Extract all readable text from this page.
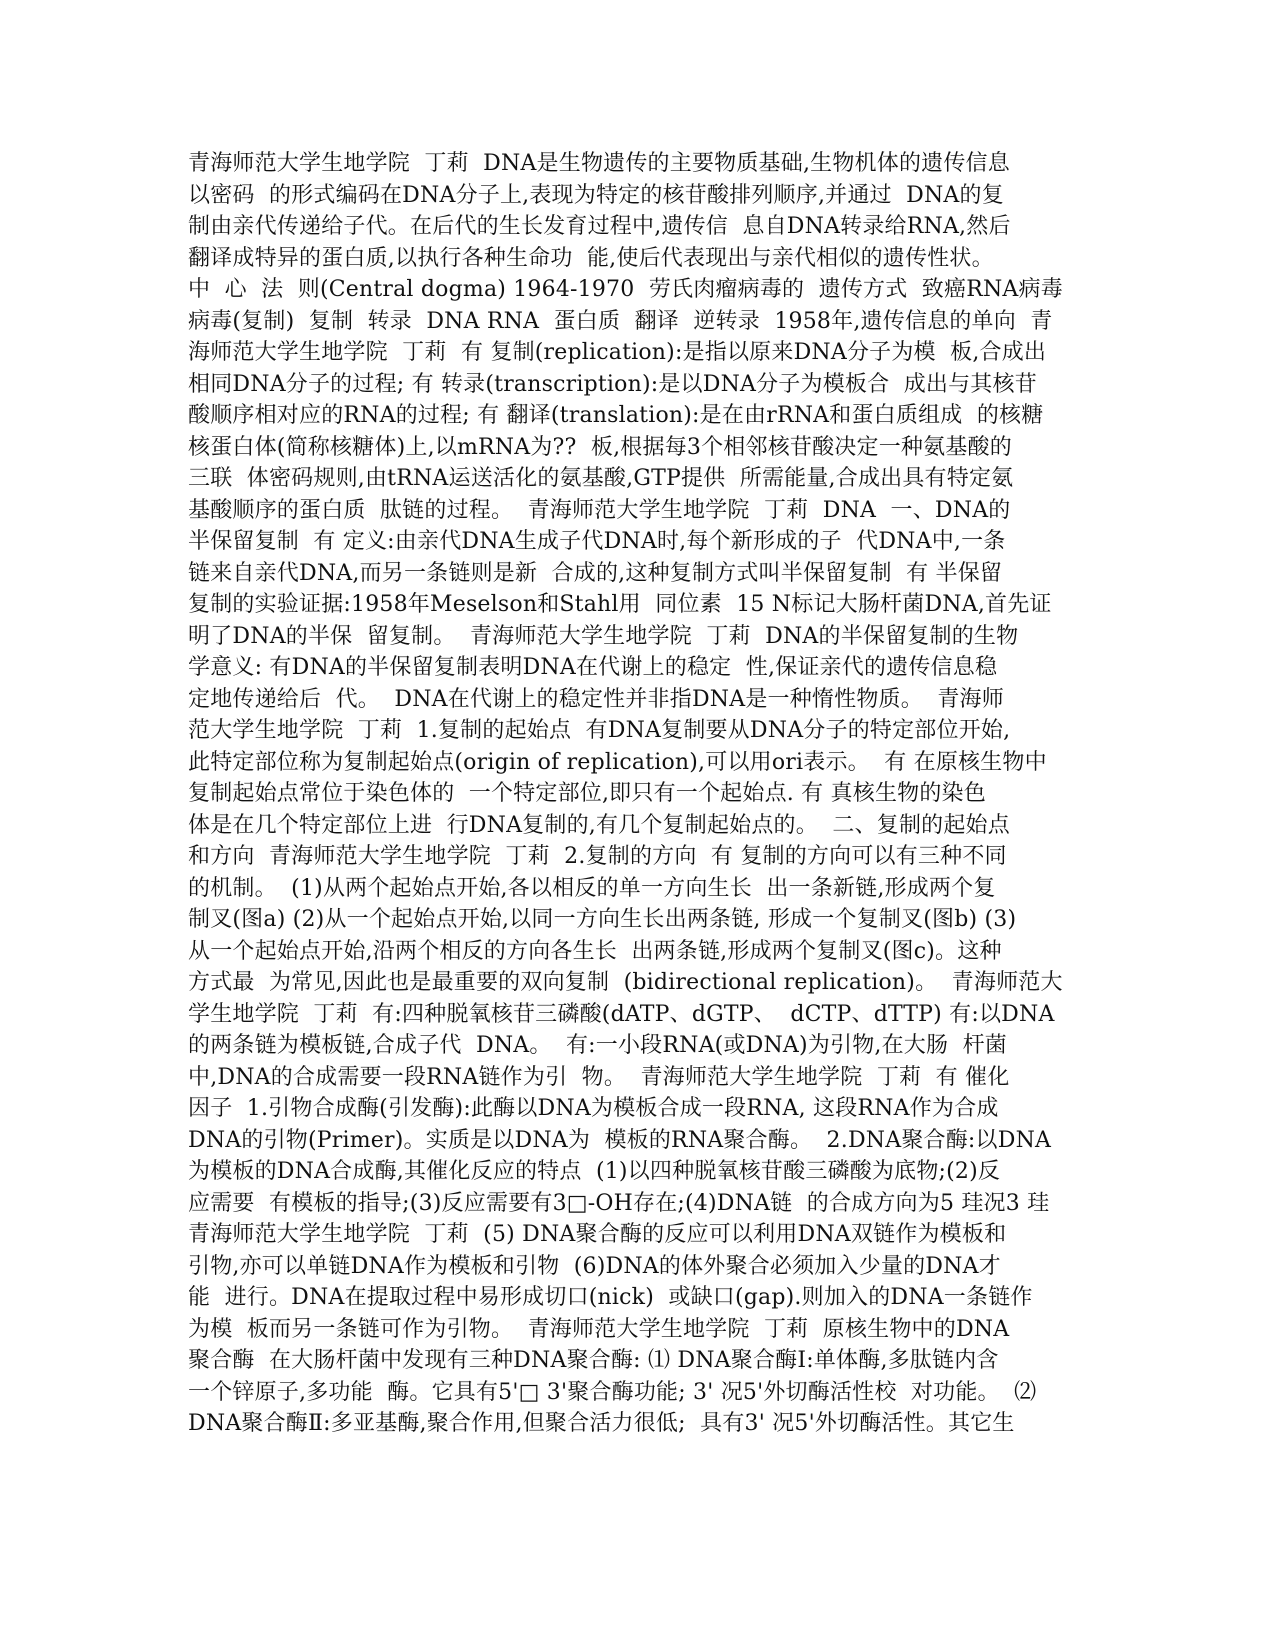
青海师范大学生地学院  丁莉  DNA是生物遗传的主要物质基础,生物机体的遗传信息
以密码  的形式编码在DNA分子上,表现为特定的核苷酸排列顺序,并通过  DNA的复
制由亲代传递给子代。在后代的生长发育过程中,遗传信  息自DNA转录给RNA,然后
翻译成特异的蛋白质,以执行各种生命功  能,使后代表现出与亲代相似的遗传性状。
中  心  法  则(Central dogma) 1964-1970  劳氏肉瘤病毒的  遗传方式  致癌RNA病毒
病毒(复制)  复制  转录  DNA RNA  蛋白质  翻译  逆转录  1958年,遗传信息的单向  青
海师范大学生地学院  丁莉  有 复制(replication):是指以原来DNA分子为模  板,合成出
相同DNA分子的过程; 有 转录(transcription):是以DNA分子为模板合  成出与其核苷
酸顺序相对应的RNA的过程; 有 翻译(translation):是在由rRNA和蛋白质组成  的核糖
核蛋白体(简称核糖体)上,以mRNA为??  板,根据每3个相邻核苷酸决定一种氨基酸的
三联  体密码规则,由tRNA运送活化的氨基酸,GTP提供  所需能量,合成出具有特定氨
基酸顺序的蛋白质  肽链的过程。  青海师范大学生地学院  丁莉  DNA  一、DNA的
半保留复制  有 定义:由亲代DNA生成子代DNA时,每个新形成的子  代DNA中,一条
链来自亲代DNA,而另一条链则是新  合成的,这种复制方式叫半保留复制  有 半保留
复制的实验证据:1958年Meselson和Stahl用  同位素  15 N标记大肠杆菌DNA,首先证
明了DNA的半保  留复制。  青海师范大学生地学院  丁莉  DNA的半保留复制的生物
学意义: 有DNA的半保留复制表明DNA在代谢上的稳定  性,保证亲代的遗传信息稳
定地传递给后  代。  DNA在代谢上的稳定性并非指DNA是一种惰性物质。  青海师
范大学生地学院  丁莉  1.复制的起始点  有DNA复制要从DNA分子的特定部位开始,
此特定部位称为复制起始点(origin of replication),可以用ori表示。  有 在原核生物中
复制起始点常位于染色体的  一个特定部位,即只有一个起始点. 有 真核生物的染色
体是在几个特定部位上进  行DNA复制的,有几个复制起始点的。  二、复制的起始点
和方向  青海师范大学生地学院  丁莉  2.复制的方向  有 复制的方向可以有三种不同
的机制。  (1)从两个起始点开始,各以相反的单一方向生长  出一条新链,形成两个复
制叉(图a) (2)从一个起始点开始,以同一方向生长出两条链, 形成一个复制叉(图b) (3)
从一个起始点开始,沿两个相反的方向各生长  出两条链,形成两个复制叉(图c)。这种
方式最  为常见,因此也是最重要的双向复制  (bidirectional replication)。  青海师范大
学生地学院  丁莉  有:四种脱氧核苷三磷酸(dATP、dGTP、  dCTP、dTTP) 有:以DNA
的两条链为模板链,合成子代  DNA。  有:一小段RNA(或DNA)为引物,在大肠  杆菌
中,DNA的合成需要一段RNA链作为引  物。  青海师范大学生地学院  丁莉  有 催化
因子  1.引物合成酶(引发酶):此酶以DNA为模板合成一段RNA, 这段RNA作为合成
DNA的引物(Primer)。实质是以DNA为  模板的RNA聚合酶。  2.DNA聚合酶:以DNA
为模板的DNA合成酶,其催化反应的特点  (1)以四种脱氧核苷酸三磷酸为底物;(2)反
应需要  有模板的指导;(3)反应需要有3□-OH存在;(4)DNA链  的合成方向为5 珪况3 珪
青海师范大学生地学院  丁莉  (5) DNA聚合酶的反应可以利用DNA双链作为模板和
引物,亦可以单链DNA作为模板和引物  (6)DNA的体外聚合必须加入少量的DNA才
能  进行。DNA在提取过程中易形成切口(nick)  或缺口(gap).则加入的DNA一条链作
为模  板而另一条链可作为引物。  青海师范大学生地学院  丁莉  原核生物中的DNA
聚合酶  在大肠杆菌中发现有三种DNA聚合酶: ⑴ DNA聚合酶Ⅰ:单体酶,多肽链内含
一个锌原子,多功能  酶。它具有5'□ 3'聚合酶功能; 3' 况5'外切酶活性校  对功能。  ⑵
DNA聚合酶Ⅱ:多亚基酶,聚合作用,但聚合活力很低;  具有3' 况5'外切酶活性。其它生
